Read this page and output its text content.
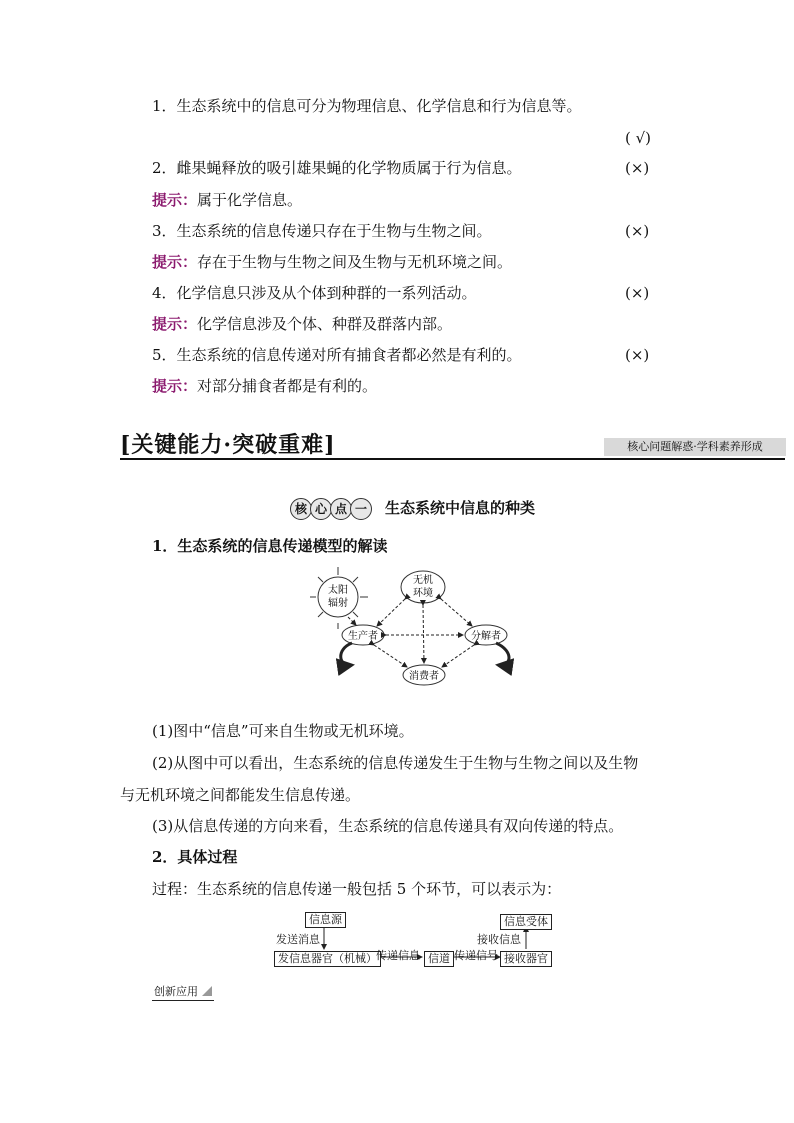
1．生态系统中的信息可分为物理信息、化学信息和行为信息等。
( √)
2．雌果蝇释放的吸引雄果蝇的化学物质属于行为信息。	(×)
提示：属于化学信息。
3．生态系统的信息传递只存在于生物与生物之间。	(×)
提示：存在于生物与生物之间及生物与无机环境之间。
4．化学信息只涉及从个体到种群的一系列活动。	(×)
提示：化学信息涉及个体、种群及群落内部。
5．生态系统的信息传递对所有捕食者都必然是有利的。	(×)
提示：对部分捕食者都是有利的。
[关键能力·突破重难]	核心问题解惑·学科素养形成
核 心 点 一 生态系统中信息的种类
1．生态系统的信息传递模型的解读
太阳
辐射
无机
环境
生产者	分解者
消费者
(1)图中“信息”可来自生物或无机环境。
(2)从图中可以看出，生态系统的信息传递发生于生物与生物之间以及生物
与无机环境之间都能发生信息传递。
(3)从信息传递的方向来看，生态系统的信息传递具有双向传递的特点。
2．具体过程
过程：生态系统的信息传递一般包括 5 个环节，可以表示为：
信息源
发送消息
发信息器官（机械） 传递信息 信道 传递信号 接收器官
接收信息
信息受体
创新应用
